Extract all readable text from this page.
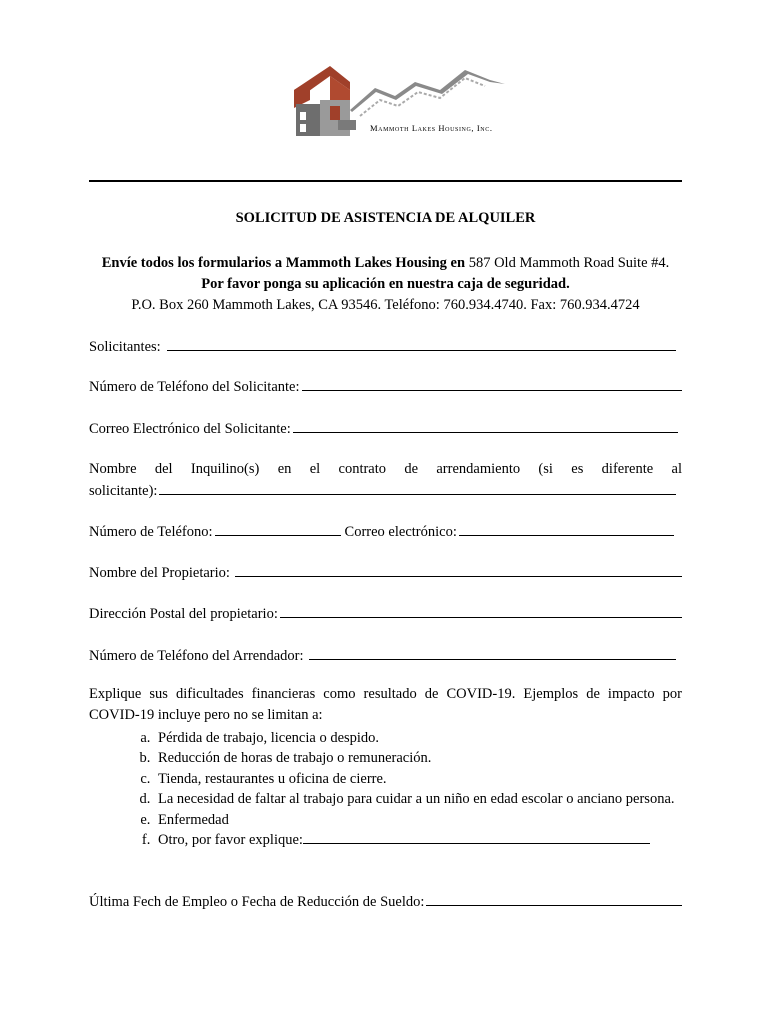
Mammoth Lakes Housing, Inc.
SOLICITUD DE ASISTENCIA DE ALQUILER
Envíe todos los formularios a Mammoth Lakes Housing en 587 Old Mammoth Road Suite #4. Por favor ponga su aplicación en nuestra caja de seguridad.
P.O. Box 260 Mammoth Lakes, CA 93546. Teléfono: 760.934.4740. Fax: 760.934.4724
Solicitantes:
Número de Teléfono del Solicitante:
Correo Electrónico del Solicitante:
Nombre del Inquilino(s) en el contrato de arrendamiento (si es diferente al
solicitante):
Número de Teléfono:	Correo electrónico:
Nombre del Propietario:
Dirección Postal del propietario:
Número de Teléfono del Arrendador:
Explique sus dificultades financieras como resultado de COVID-19. Ejemplos de impacto por COVID-19 incluye pero no se limitan a:
a. Pérdida de trabajo, licencia o despido.
b. Reducción de horas de trabajo o remuneración.
c. Tienda, restaurantes u oficina de cierre.
d. La necesidad de faltar al trabajo para cuidar a un niño en edad escolar o anciano persona.
e. Enfermedad
f. Otro, por favor explique:
Última Fech de Empleo o Fecha de Reducción de Sueldo:
